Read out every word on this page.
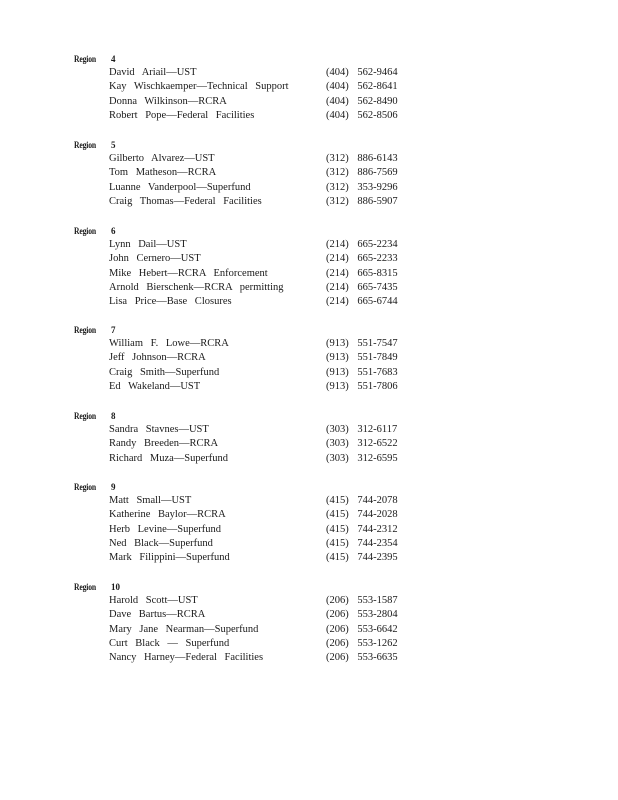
Region 4
David Ariail—UST	(404) 562-9464
Kay Wischkaemper—Technical Support	(404) 562-8641
Donna Wilkinson—RCRA	(404) 562-8490
Robert Pope—Federal Facilities	(404) 562-8506
Region 5
Gilberto Alvarez—UST	(312) 886-6143
Tom Matheson—RCRA	(312) 886-7569
Luanne Vanderpool—Superfund	(312) 353-9296
Craig Thomas—Federal Facilities	(312) 886-5907
Region 6
Lynn Dail—UST	(214) 665-2234
John Cernero—UST	(214) 665-2233
Mike Hebert—RCRA Enforcement	(214) 665-8315
Arnold Bierschenk—RCRA permitting	(214) 665-7435
Lisa Price—Base Closures	(214) 665-6744
Region 7
William F. Lowe—RCRA	(913) 551-7547
Jeff Johnson—RCRA	(913) 551-7849
Craig Smith—Superfund	(913) 551-7683
Ed Wakeland—UST	(913) 551-7806
Region 8
Sandra Stavnes—UST	(303) 312-6117
Randy Breeden—RCRA	(303) 312-6522
Richard Muza—Superfund	(303) 312-6595
Region 9
Matt Small—UST	(415) 744-2078
Katherine Baylor—RCRA	(415) 744-2028
Herb Levine—Superfund	(415) 744-2312
Ned Black—Superfund	(415) 744-2354
Mark Filippini—Superfund	(415) 744-2395
Region 10
Harold Scott—UST	(206) 553-1587
Dave Bartus—RCRA	(206) 553-2804
Mary Jane Nearman—Superfund	(206) 553-6642
Curt Black — Superfund	(206) 553-1262
Nancy Harney—Federal Facilities	(206) 553-6635
